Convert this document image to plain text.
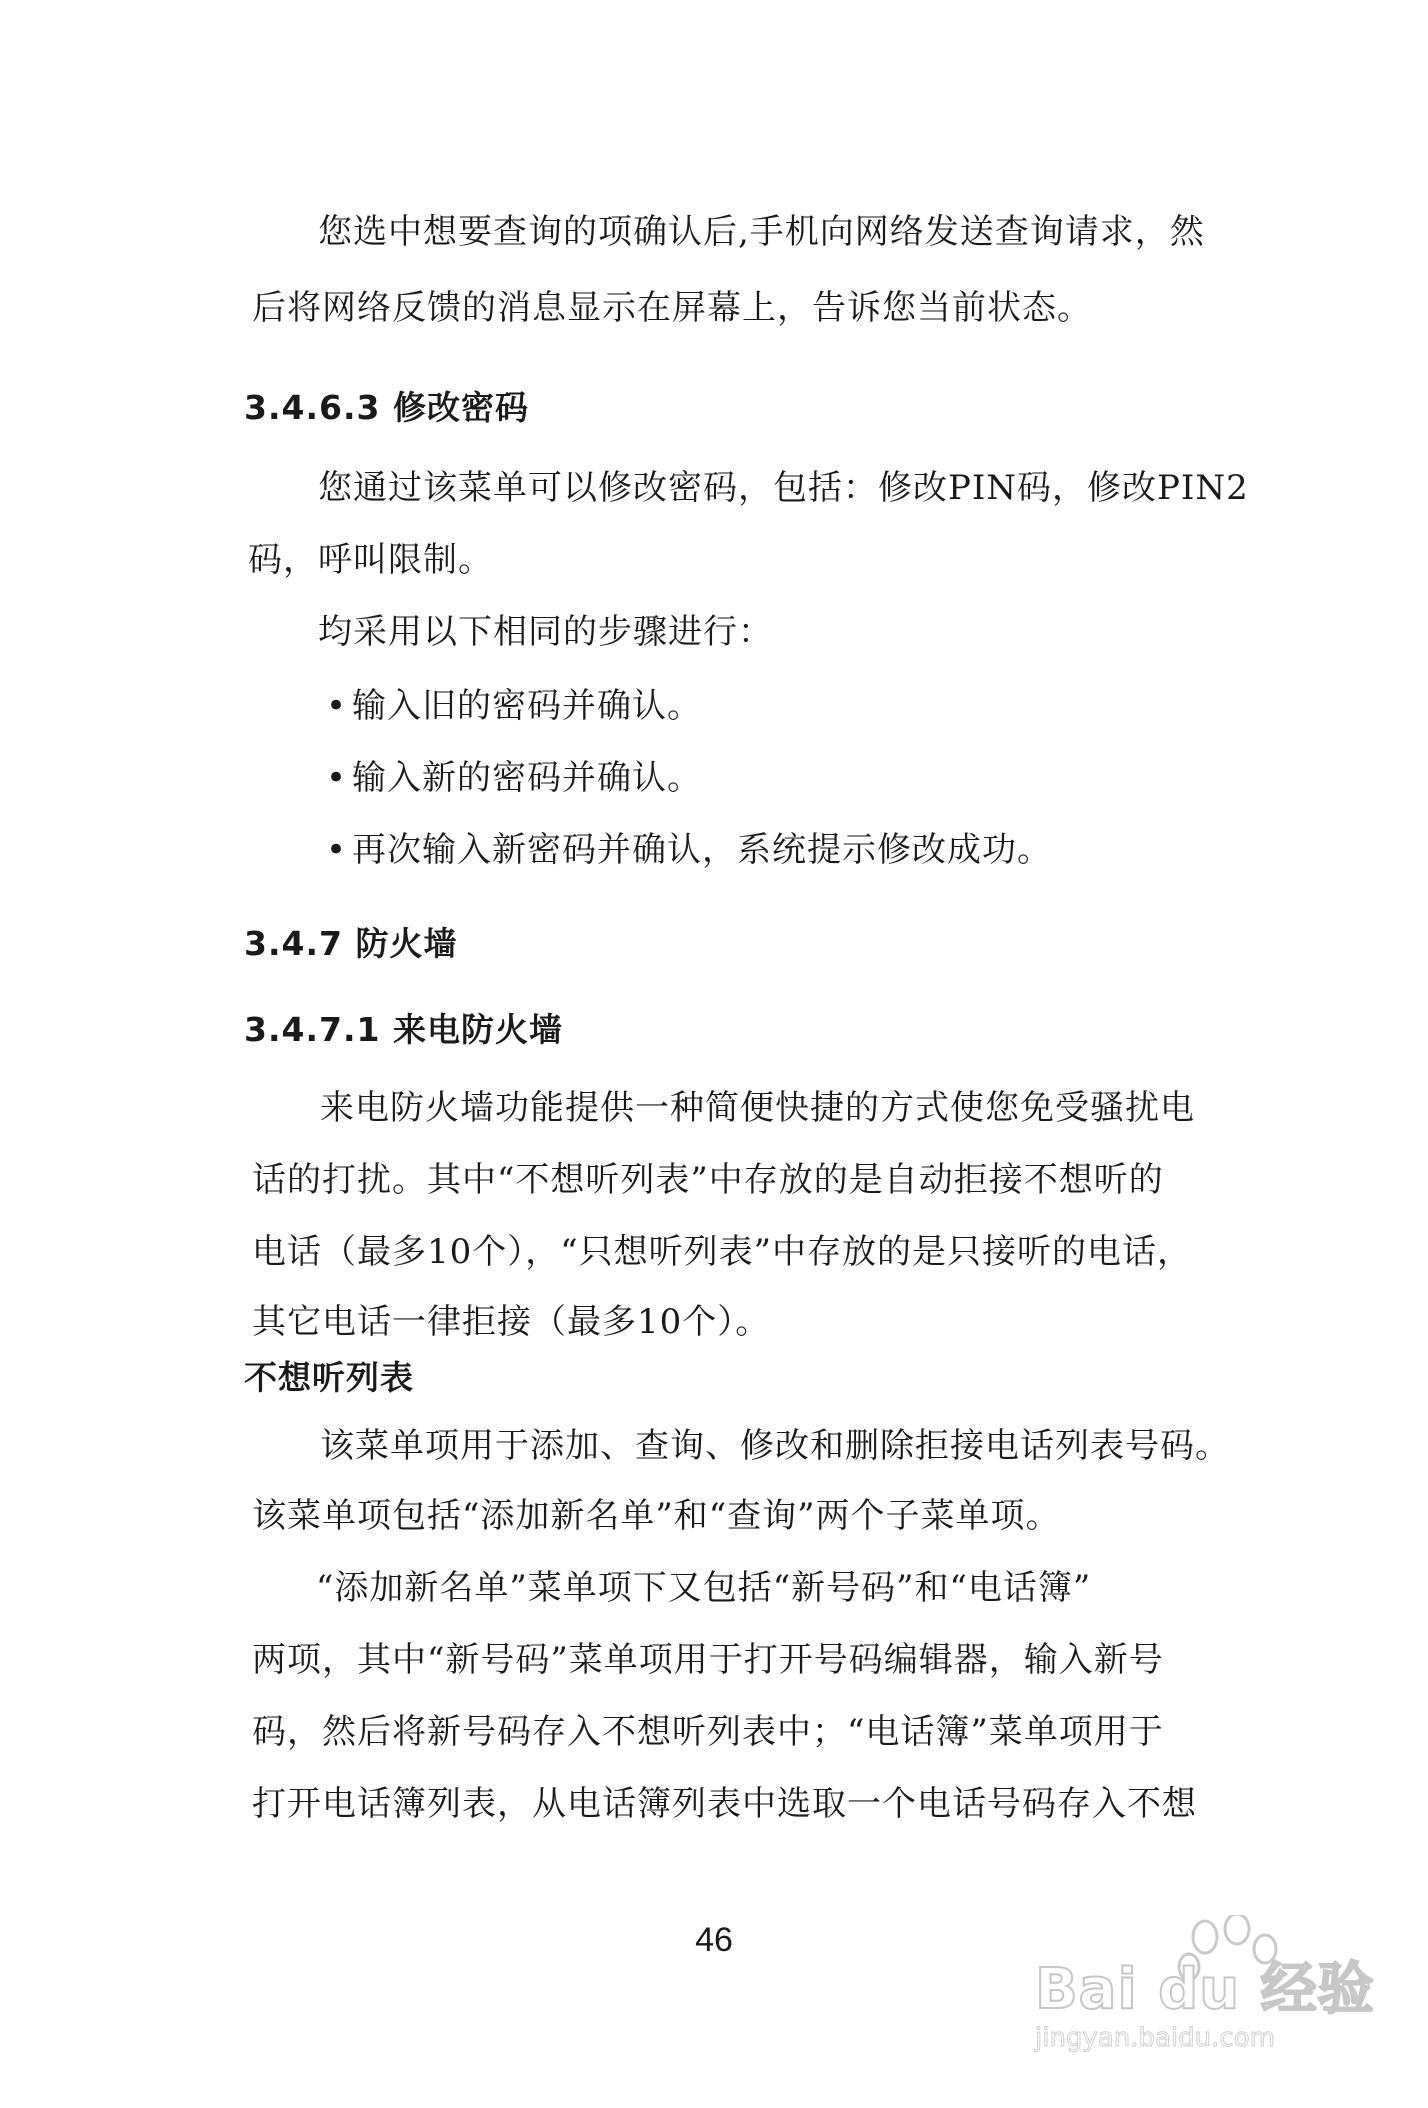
您选中想要查询的项确认后,手机向网络发送查询请求，然
后将网络反馈的消息显示在屏幕上，告诉您当前状态。
3.4.6.3 修改密码
您通过该菜单可以修改密码，包括：修改PIN码，修改PIN2
码，呼叫限制。
均采用以下相同的步骤进行：
• 输入旧的密码并确认。
• 输入新的密码并确认。
• 再次输入新密码并确认，系统提示修改成功。
3.4.7 防火墙
3.4.7.1 来电防火墙
来电防火墙功能提供一种简便快捷的方式使您免受骚扰电
话的打扰。其中“不想听列表”中存放的是自动拒接不想听的
电话（最多10个），“只想听列表”中存放的是只接听的电话，
其它电话一律拒接（最多10个）。
不想听列表
该菜单项用于添加、查询、修改和删除拒接电话列表号码。
该菜单项包括“添加新名单”和“查询”两个子菜单项。
“添加新名单”菜单项下又包括“新号码”和“电话簿”
两项，其中“新号码”菜单项用于打开号码编辑器，输入新号
码，然后将新号码存入不想听列表中；“电话簿”菜单项用于
打开电话簿列表，从电话簿列表中选取一个电话号码存入不想
46
Bai du 经验
jingyan.baidu.com
